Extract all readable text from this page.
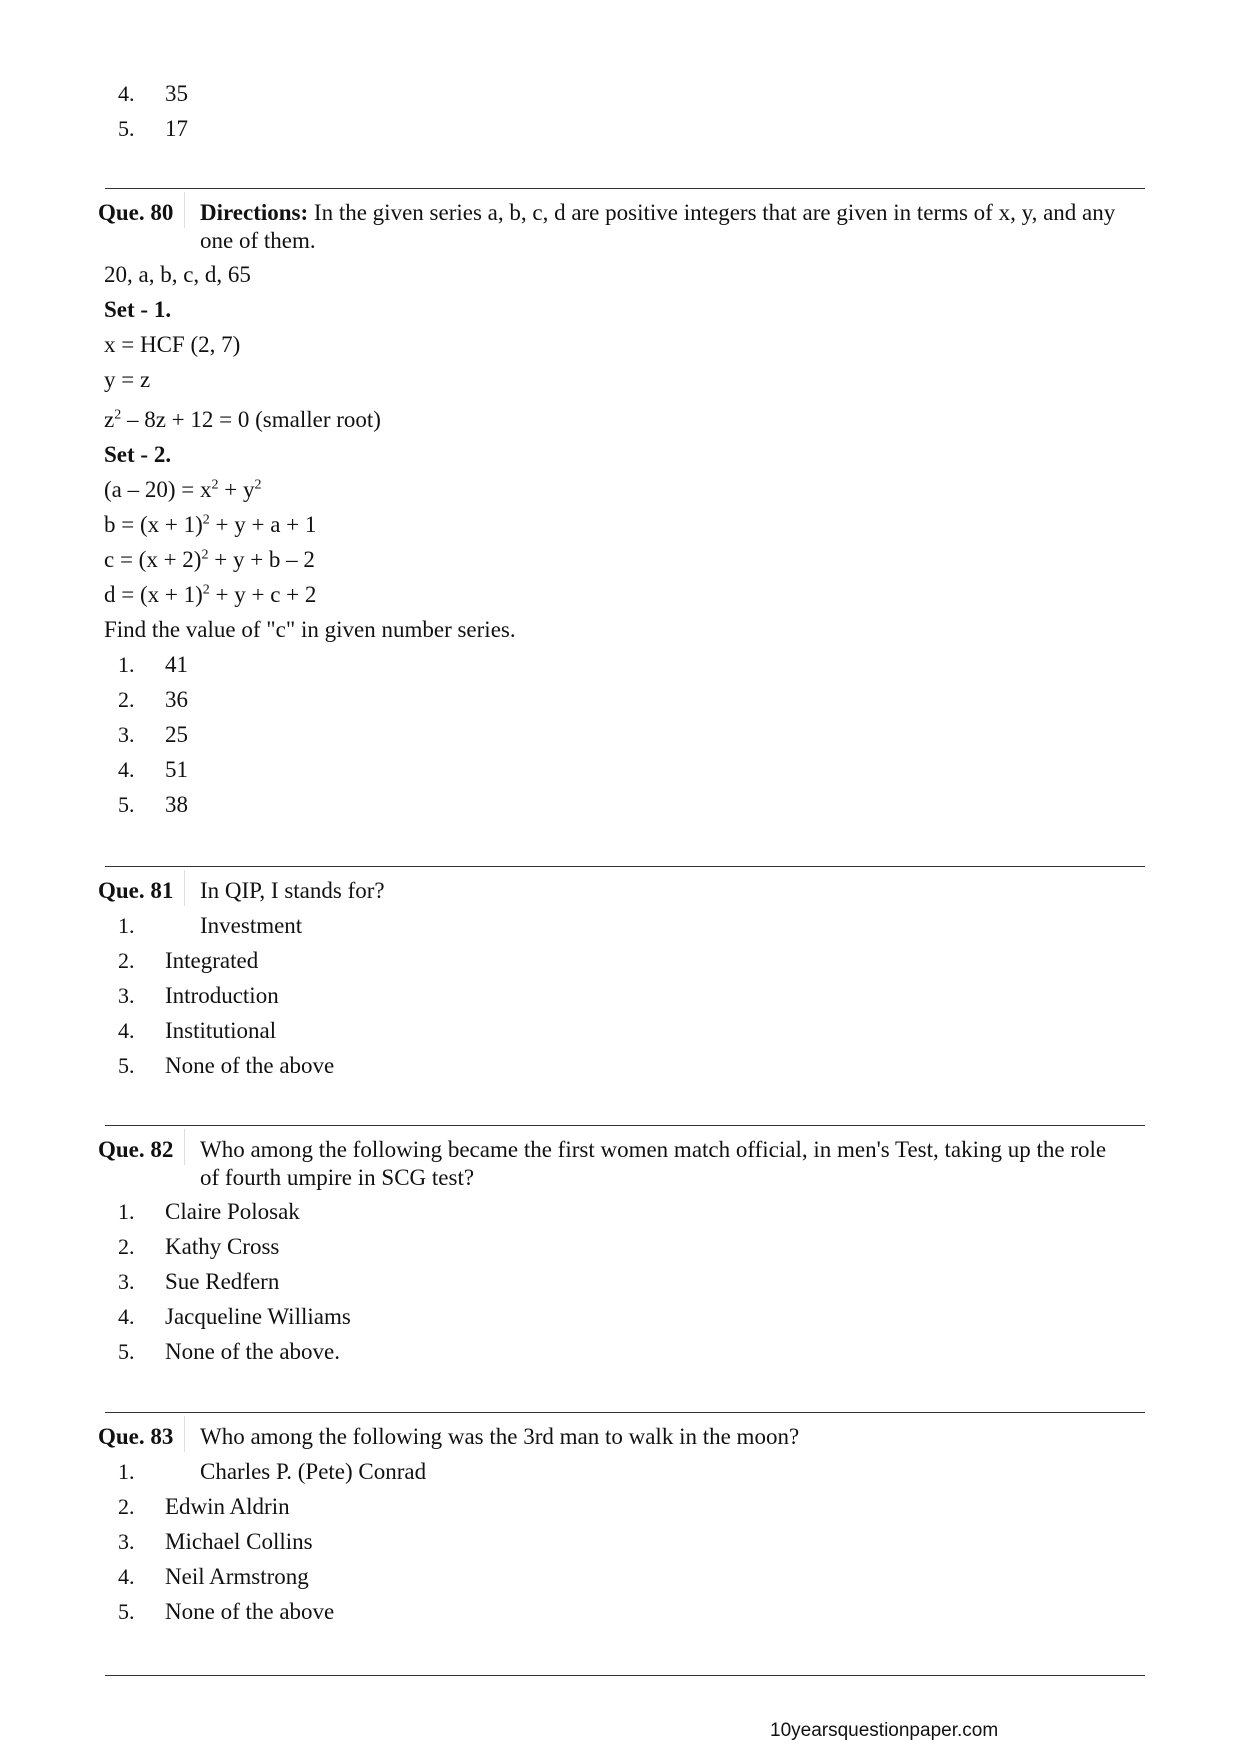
4. 35
5. 17
Que. 80 Directions: In the given series a, b, c, d are positive integers that are given in terms of x, y, and any
one of them.
20, a, b, c, d, 65
Set - 1.
x = HCF (2, 7)
y = z
$z^2 - 8z + 12 = 0$ (smaller root)
Set - 2.
$(a - 20) = x^2 + y^2$
$b = (x + 1)^2 + y + a + 1$
$c = (x + 2)^2 + y + b - 2$
$d = (x + 1)^2 + y + c + 2$
Find the value of "c" in given number series.
1. 41
2. 36
3. 25
4. 51
5. 38
Que. 81 In QIP, I stands for?
1.	Investment
2. Integrated
3. Introduction
4. Institutional
5. None of the above
Que. 82 Who among the following became the first women match official, in men's Test, taking up the role
of fourth umpire in SCG test?
1. Claire Polosak
2. Kathy Cross
3. Sue Redfern
4. Jacqueline Williams
5. None of the above.
Que. 83 Who among the following was the 3rd man to walk in the moon?
1.	Charles P. (Pete) Conrad
2. Edwin Aldrin
3. Michael Collins
4. Neil Armstrong
5. None of the above
10yearsquestionpaper.com
